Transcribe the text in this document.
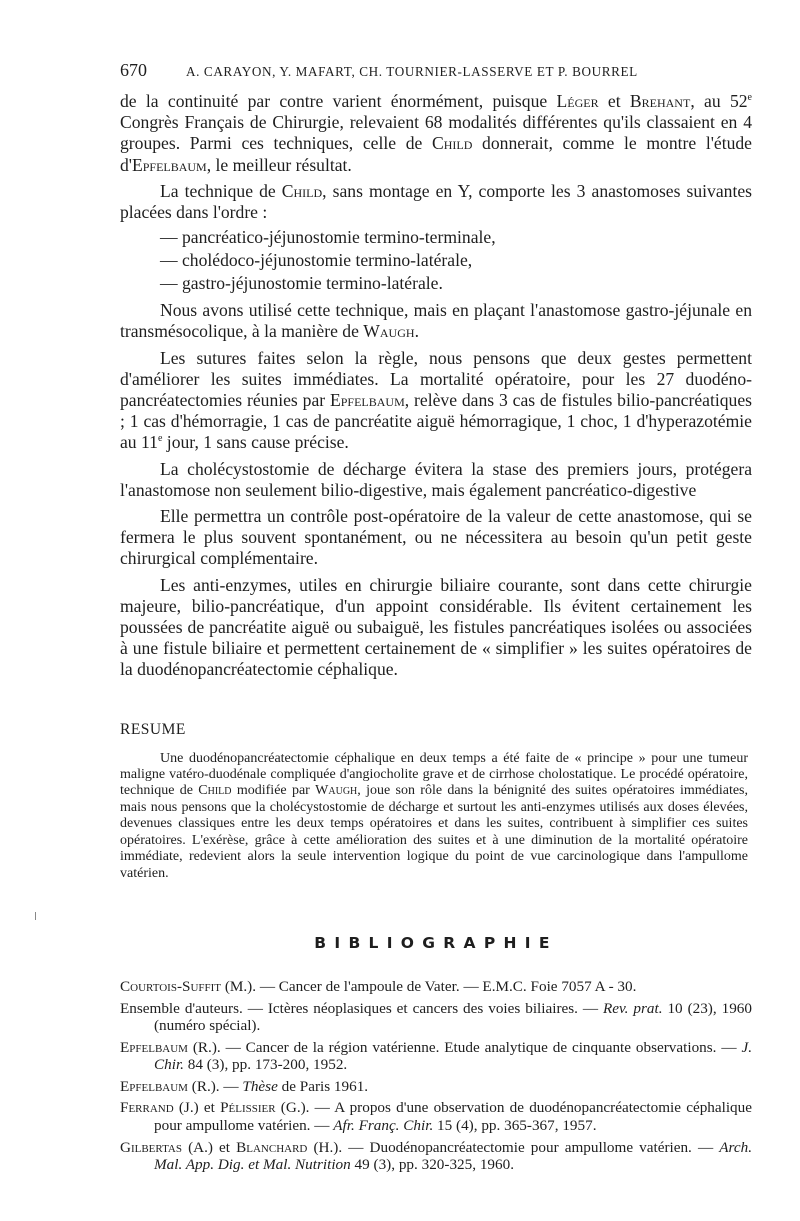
670	A. CARAYON, Y. MAFART, CH. TOURNIER-LASSERVE ET P. BOURREL

de la continuité par contre varient énormément, puisque Léger et Brehant, au 52e Congrès Français de Chirurgie, relevaient 68 modalités différentes qu'ils classaient en 4 groupes. Parmi ces techniques, celle de Child donnerait, comme le montre l'étude d'Epfelbaum, le meilleur résultat.

La technique de Child, sans montage en Y, comporte les 3 anastomoses suivantes placées dans l'ordre :

— pancréatico-jéjunostomie termino-terminale,
— cholédoco-jéjunostomie termino-latérale,
— gastro-jéjunostomie termino-latérale.

Nous avons utilisé cette technique, mais en plaçant l'anastomose gastro-jéjunale en transmésocolique, à la manière de Waugh.

Les sutures faites selon la règle, nous pensons que deux gestes permettent d'améliorer les suites immédiates. La mortalité opératoire, pour les 27 duodéno-pancréatectomies réunies par Epfelbaum, relève dans 3 cas de fistules bilio-pancréatiques ; 1 cas d'hémorragie, 1 cas de pancréatite aiguë hémorragique, 1 choc, 1 d'hyperazotémie au 11e jour, 1 sans cause précise.

La cholécystostomie de décharge évitera la stase des premiers jours, protégera l'anastomose non seulement bilio-digestive, mais également pancréatico-digestive

Elle permettra un contrôle post-opératoire de la valeur de cette anastomose, qui se fermera le plus souvent spontanément, ou ne nécessitera au besoin qu'un petit geste chirurgical complémentaire.

Les anti-enzymes, utiles en chirurgie biliaire courante, sont dans cette chirurgie majeure, bilio-pancréatique, d'un appoint considérable. Ils évitent certainement les poussées de pancréatite aiguë ou subaiguë, les fistules pancréatiques isolées ou associées à une fistule biliaire et permettent certainement de « simplifier » les suites opératoires de la duodénopancréatectomie céphalique.

RESUME
Une duodénopancréatectomie céphalique en deux temps a été faite de « principe » pour une tumeur maligne vatéro-duodénale compliquée d'angiocholite grave et de cirrhose cholostatique. Le procédé opératoire, technique de Child modifiée par Waugh, joue son rôle dans la bénignité des suites opératoires immédiates, mais nous pensons que la cholécystostomie de décharge et surtout les anti-enzymes utilisés aux doses élevées, devenues classiques entre les deux temps opératoires et dans les suites, contribuent à simplifier ces suites opératoires. L'exérèse, grâce à cette amélioration des suites et à une diminution de la mortalité opératoire immédiate, redevient alors la seule intervention logique du point de vue carcinologique dans l'ampullome vatérien.
BIBLIOGRAPHIE
Courtois-Suffit (M.). — Cancer de l'ampoule de Vater. — E.M.C. Foie 7057 A - 30.
Ensemble d'auteurs. — Ictères néoplasiques et cancers des voies biliaires. — Rev. prat. 10 (23), 1960 (numéro spécial).
Epfelbaum (R.). — Cancer de la région vatérienne. Etude analytique de cinquante observations. — J. Chir. 84 (3), pp. 173-200, 1952.
Epfelbaum (R.). — Thèse de Paris 1961.
Ferrand (J.) et Pélissier (G.). — A propos d'une observation de duodénopancréatectomie céphalique pour ampullome vatérien. — Afr. Franç. Chir. 15 (4), pp. 365-367, 1957.
Gilbertas (A.) et Blanchard (H.). — Duodénopancréatectomie pour ampullome vatérien. — Arch. Mal. App. Dig. et Mal. Nutrition 49 (3), pp. 320-325, 1960.
